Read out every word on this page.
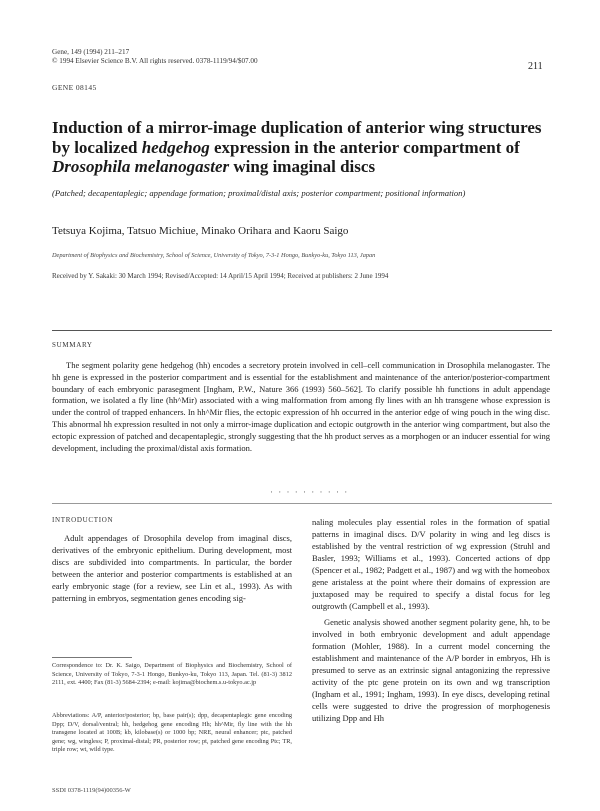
Gene, 149 (1994) 211–217
© 1994 Elsevier Science B.V. All rights reserved. 0378-1119/94/$07.00	211
GENE 08145
Induction of a mirror-image duplication of anterior wing structures by localized hedgehog expression in the anterior compartment of Drosophila melanogaster wing imaginal discs
(Patched; decapentaplegic; appendage formation; proximal/distal axis; posterior compartment; positional information)
Tetsuya Kojima, Tatsuo Michiue, Minako Orihara and Kaoru Saigo
Department of Biophysics and Biochemistry, School of Science, University of Tokyo, 7-3-1 Hongo, Bunkyo-ku, Tokyo 113, Japan
Received by Y. Sakaki: 30 March 1994; Revised/Accepted: 14 April/15 April 1994; Received at publishers: 2 June 1994
SUMMARY
The segment polarity gene hedgehog (hh) encodes a secretory protein involved in cell–cell communication in Drosophila melanogaster. The hh gene is expressed in the posterior compartment and is essential for the establishment and maintenance of the anterior/posterior-compartment boundary of each embryonic parasegment [Ingham, P.W., Nature 366 (1993) 560–562]. To clarify possible hh functions in adult appendage formation, we isolated a fly line (hh^Mir) associated with a wing malformation from among fly lines with an hh transgene whose expression is under the control of trapped enhancers. In hh^Mir flies, the ectopic expression of hh occurred in the anterior edge of wing pouch in the wing disc. This abnormal hh expression resulted in not only a mirror-image duplication and ectopic outgrowth in the anterior wing compartment, but also the ectopic expression of patched and decapentaplegic, strongly suggesting that the hh product serves as a morphogen or an inducer essential for wing development, including the proximal/distal axis formation.
· · · · · · · · · ·
INTRODUCTION

Adult appendages of Drosophila develop from imaginal discs, derivatives of the embryonic epithelium. During development, most discs are subdivided into compartments. In particular, the border between the anterior and posterior compartments is established at an early embryonic stage (for a review, see Lin et al., 1993). As with patterning in embryos, segmentation genes encoding sig-

naling molecules play essential roles in the formation of spatial patterns in imaginal discs. D/V polarity in wing and leg discs is established by the ventral restriction of wg expression (Struhl and Basler, 1993; Williams et al., 1993). Concerted actions of dpp (Spencer et al., 1982; Padgett et al., 1987) and wg with the homeobox gene aristaless at the point where their domains of expression are juxtaposed may be required to specify a distal focus for leg outgrowth (Campbell et al., 1993).

Genetic analysis showed another segment polarity gene, hh, to be involved in both embryonic development and adult appendage formation (Mohler, 1988). In a current model concerning the establishment and maintenance of the A/P border in embryos, Hh is presumed to serve as an extrinsic signal antagonizing the repressive activity of the ptc gene protein on its own and wg transcription (Ingham et al., 1991; Ingham, 1993). In eye discs, developing retinal cells were suggested to drive the progression of morphogenesis utilizing Dpp and Hh

Correspondence to: Dr. K. Saigo, Department of Biophysics and Biochemistry, School of Science, University of Tokyo, 7-3-1 Hongo, Bunkyo-ku, Tokyo 113, Japan. Tel. (81-3) 3812 2111, ext. 4400; Fax (81-3) 5684-2394; e-mail: kojima@biochem.s.u-tokyo.ac.jp
Abbreviations: A/P, anterior/posterior; bp, base pair(s); dpp, decapentaplegic gene encoding Dpp; D/V, dorsal/ventral; hh, hedgehog gene encoding Hh; hh^Mir, fly line with the hh transgene located at 100B; kb, kilobase(s) or 1000 bp; NRE, neural enhancer; ptc, patched gene; wg, wingless; P, proximal-distal; PR, posterior row; pt, patched gene encoding Ptc; TR, triple row; wt, wild type.
SSDI 0378-1119(94)00356-W
